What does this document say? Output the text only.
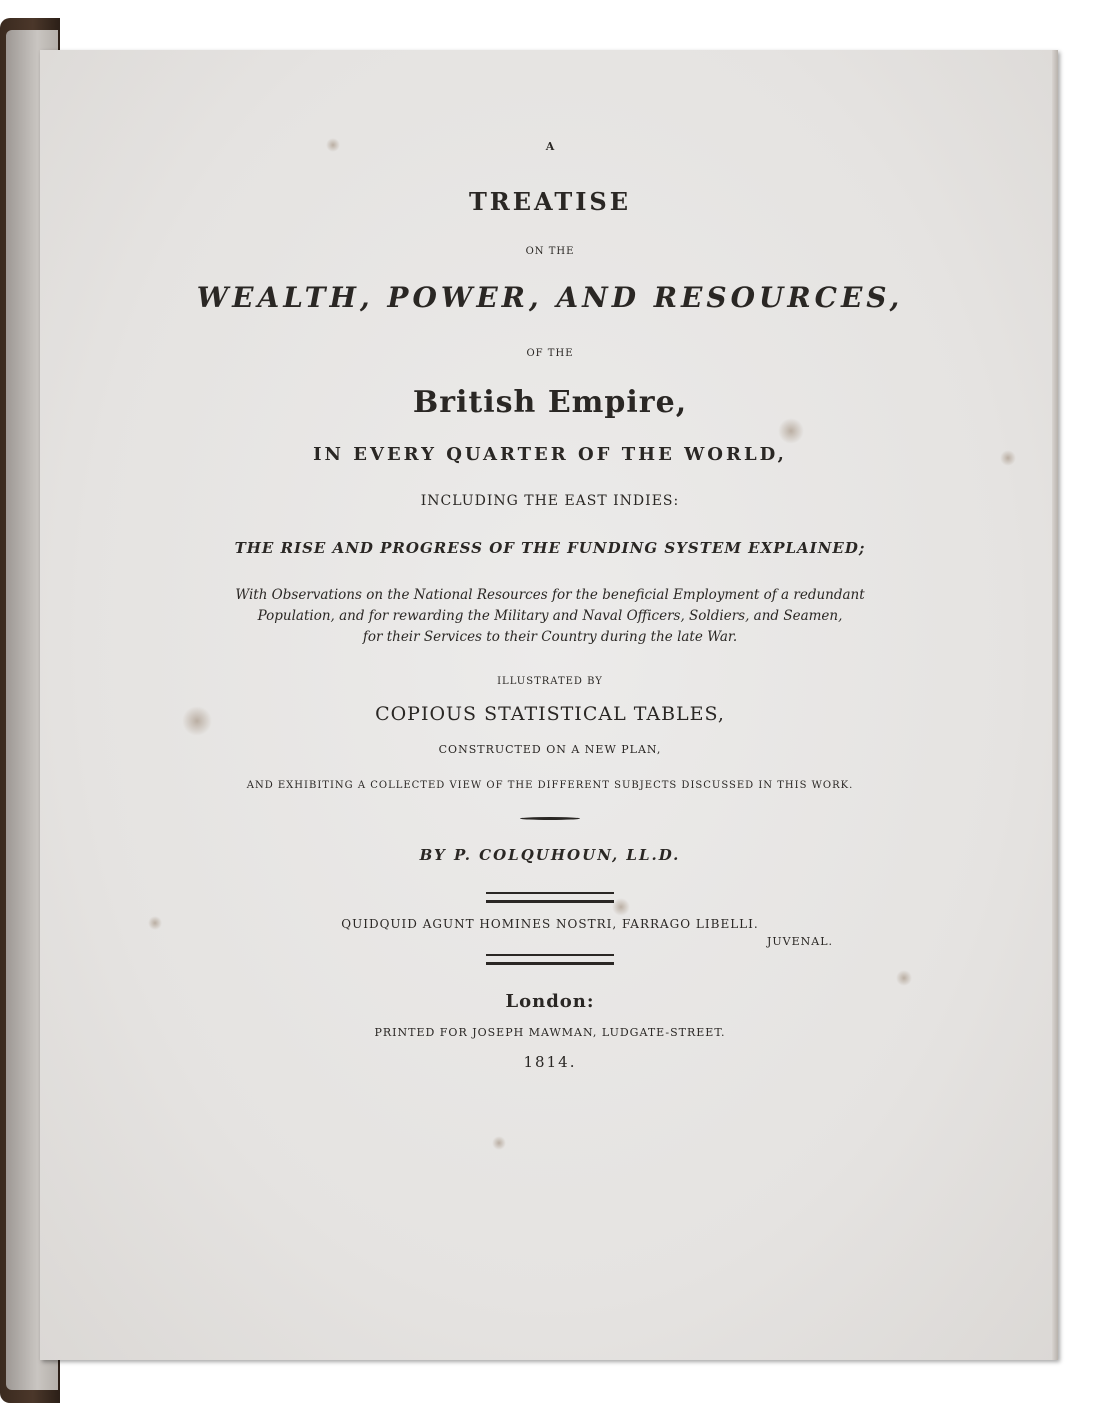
A
TREATISE
ON THE
WEALTH, POWER, AND RESOURCES,
OF THE
British Empire,
IN EVERY QUARTER OF THE WORLD,
INCLUDING THE EAST INDIES:
THE RISE AND PROGRESS OF THE FUNDING SYSTEM EXPLAINED;
With Observations on the National Resources for the beneficial Employment of a redundant
Population, and for rewarding the Military and Naval Officers, Soldiers, and Seamen,
for their Services to their Country during the late War.
ILLUSTRATED BY
COPIOUS STATISTICAL TABLES,
CONSTRUCTED ON A NEW PLAN,
AND EXHIBITING A COLLECTED VIEW OF THE DIFFERENT SUBJECTS DISCUSSED IN THIS WORK.
BY P. COLQUHOUN, LL.D.
QUIDQUID AGUNT HOMINES NOSTRI, FARRAGO LIBELLI.
JUVENAL.
London:
PRINTED FOR JOSEPH MAWMAN, LUDGATE-STREET.
1814.
